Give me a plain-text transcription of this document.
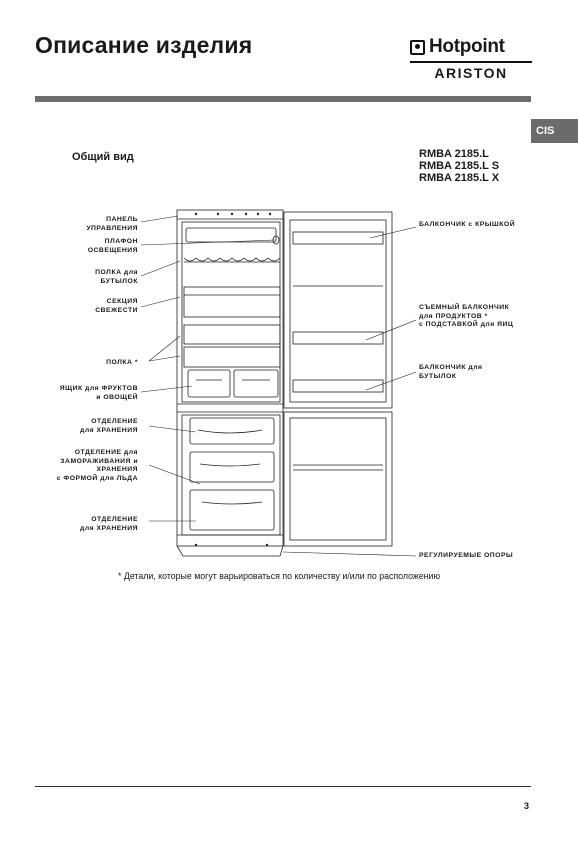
Описание изделия	Hotpoint
ARISTON
CIS
Общий вид	RMBA 2185.L
RMBA 2185.L S
RMBA 2185.L X
ПАНЕЛЬ
УПРАВЛЕНИЯ
ПЛАФОН
ОСВЕЩЕНИЯ
ПОЛКА для
БУТЫЛОК
СЕКЦИЯ
СВЕЖЕСТИ
ПОЛКА *
ЯЩИК для ФРУКТОВ
и ОВОЩЕЙ
ОТДЕЛЕНИЕ
для ХРАНЕНИЯ
ОТДЕЛЕНИЕ для
ЗАМОРАЖИВАНИЯ и
ХРАНЕНИЯ
с ФОРМОЙ для ЛЬДА
ОТДЕЛЕНИЕ
для ХРАНЕНИЯ
БАЛКОНЧИК с КРЫШКОЙ
СЪЕМНЫЙ БАЛКОНЧИК
для ПРОДУКТОВ *
с ПОДСТАВКОЙ для ЯИЦ
БАЛКОНЧИК для
БУТЫЛОК
РЕГУЛИРУЕМЫЕ ОПОРЫ
* Детали, которые могут варьироваться по количеству и/или по расположению
3
